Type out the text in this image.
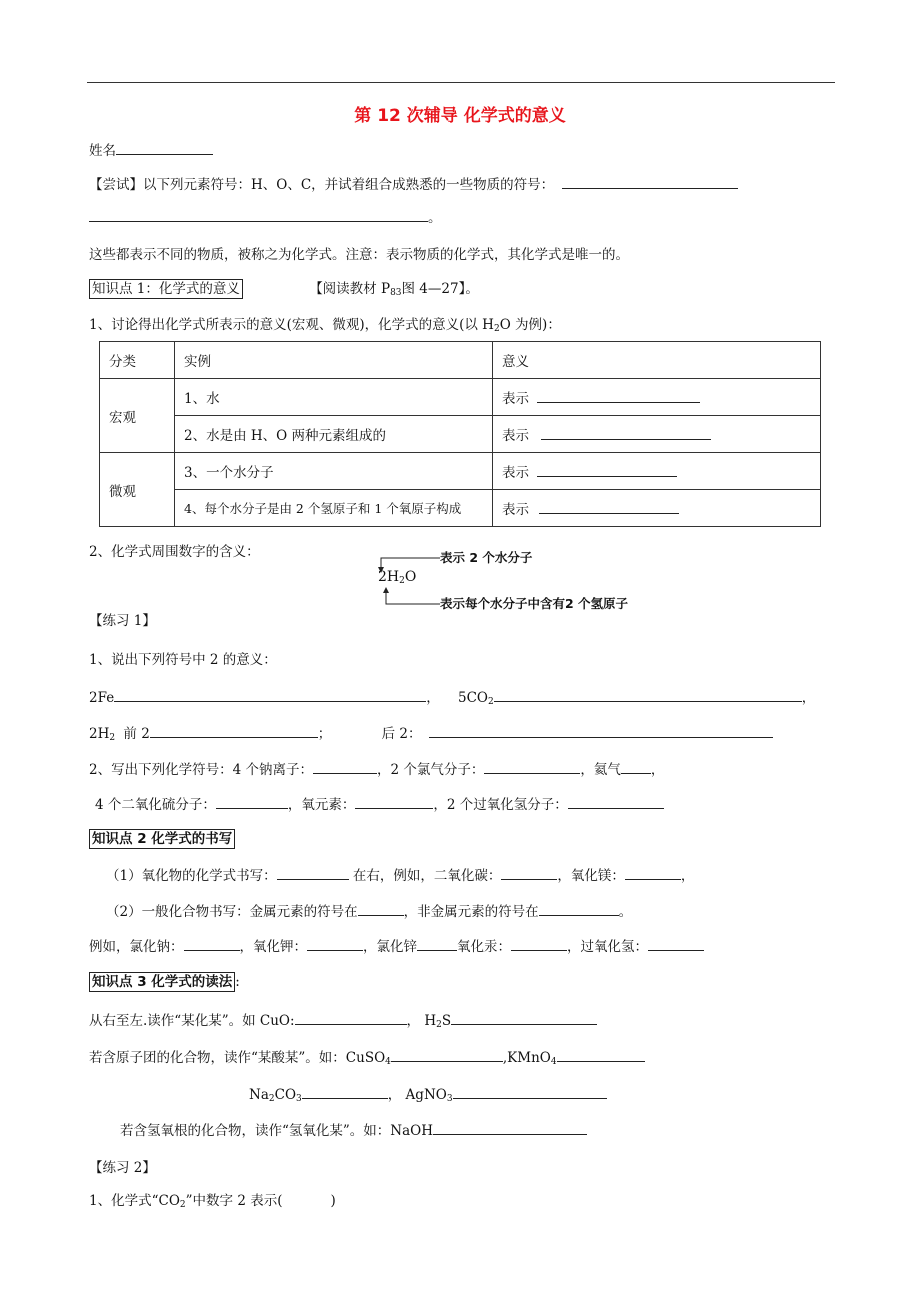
第 12 次辅导 化学式的意义
姓名
【尝试】以下列元素符号：H、O、C，并试着组合成熟悉的一些物质的符号：
。
这些都表示不同的物质，被称之为化学式。注意：表示物质的化学式，其化学式是唯一的。
知识点 1：化学式的意义	【阅读教材 $P_{83}$图 4—27】。
1、讨论得出化学式所表示的意义(宏观、微观)，化学式的意义(以 $H_2O$ 为例)：
分类	实例	意义
宏观	1、水	表示
	2、水是由 H、O 两种元素组成的	表示
微观	3、一个水分子	表示
	4、每个水分子是由 2 个氢原子和 1 个氧原子构成	表示
2、化学式周围数字的含义：
$2H_2O$
表示 2 个水分子
表示每个水分子中含有2 个氢原子
【练习 1】
1、说出下列符号中 2 的意义：
2Fe	， $5CO_2$	，
$2H_2$ 前 2	；	后 2：
2、写出下列化学符号：4 个钠离子：	，2 个氯气分子：	，氦气 ，
4 个二氧化硫分子：	，氧元素：	，2 个过氧化氢分子：
知识点 2 化学式的书写
（1）氧化物的化学式书写：	在右，例如，二氧化碳：	，氧化镁：	，
（2）一般化合物书写：金属元素的符号在	，非金属元素的符号在	。
例如，氯化钠：	，氧化钾：	，氯化锌	氧化汞：	，过氧化氢：
知识点 3 化学式的读法 :
从右至左.读作“某化某”。如 CuO:	， $H_2S$
若含原子团的化合物，读作“某酸某”。如：CuSO$_4$	,KMnO$_4$
$Na_2CO_3$	， AgNO$_3$
若含氢氧根的化合物，读作“氢氧化某”。如：NaOH
【练习 2】
1、化学式“$CO_2$”中数字 2 表示(	)
